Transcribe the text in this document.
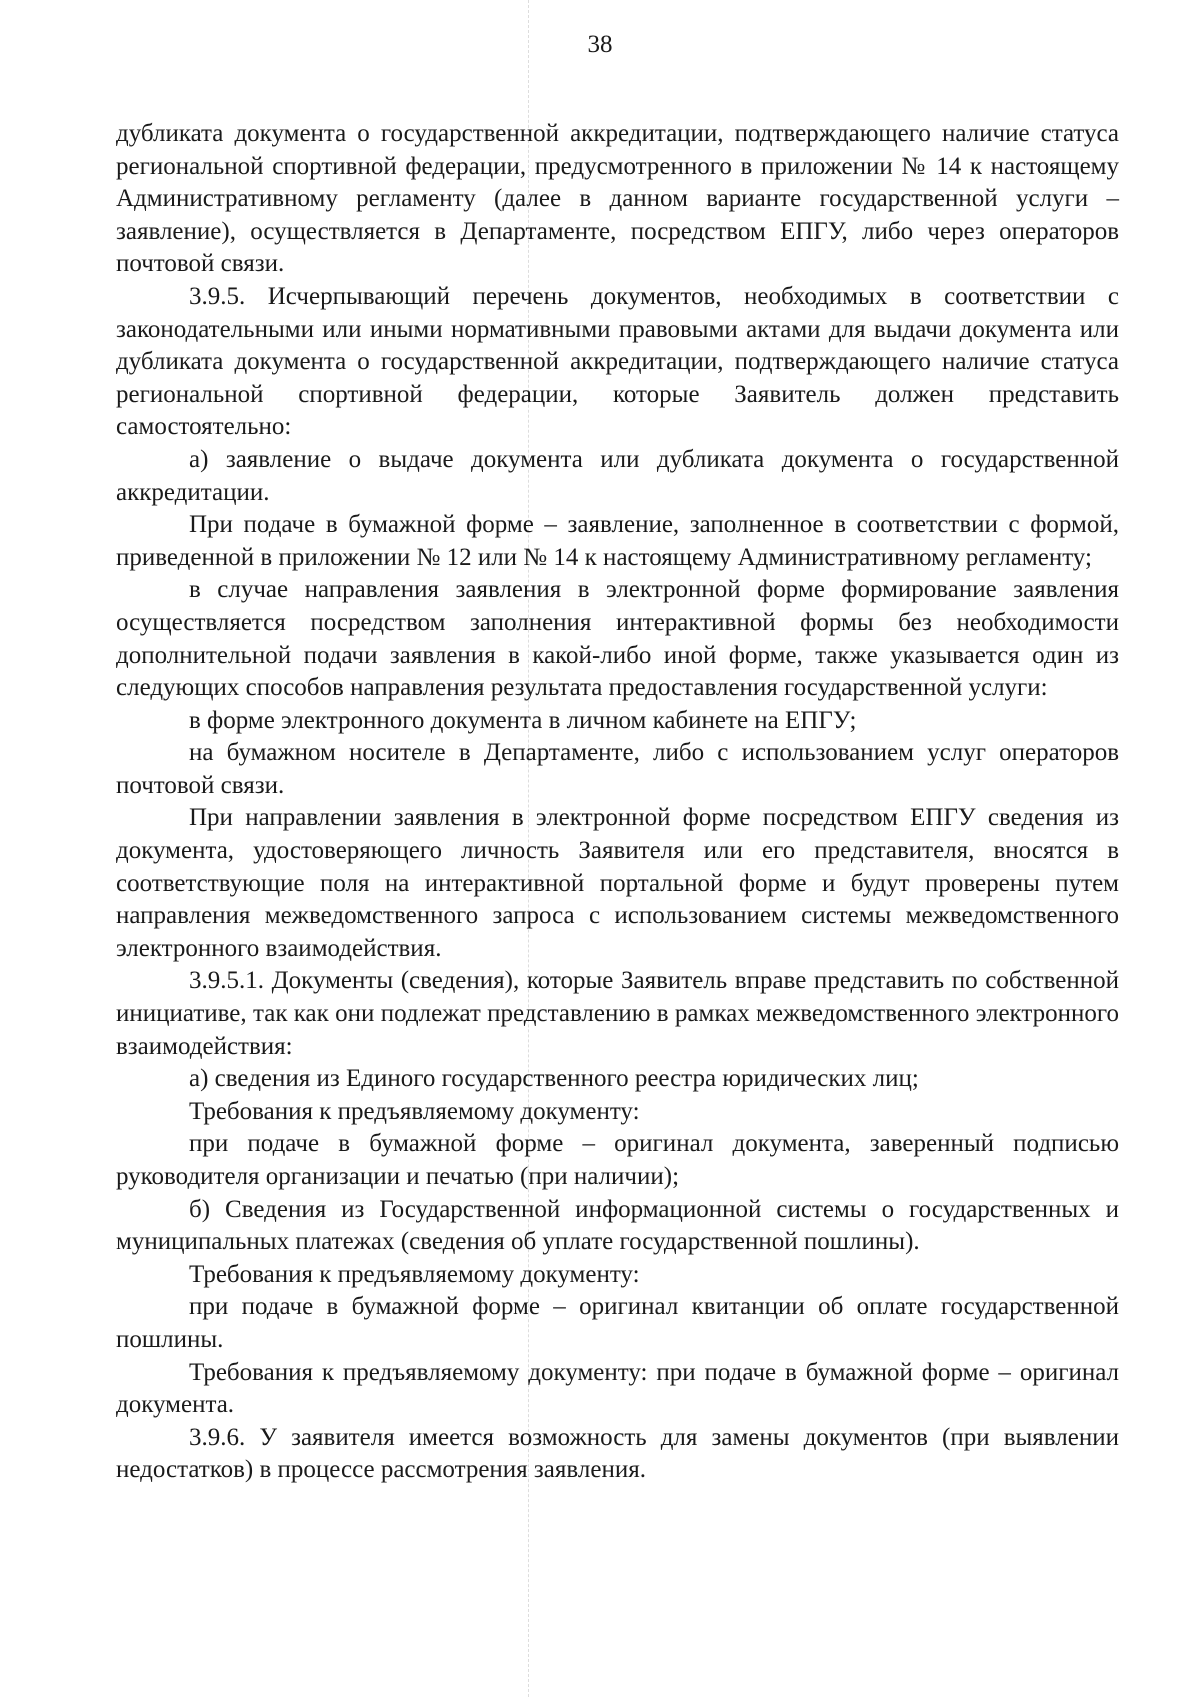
38

дубликата документа о государственной аккредитации, подтверждающего наличие статуса региональной спортивной федерации, предусмотренного в приложении № 14 к настоящему Административному регламенту (далее в данном варианте государственной услуги – заявление), осуществляется в Департаменте, посредством ЕПГУ, либо через операторов почтовой связи.

3.9.5. Исчерпывающий перечень документов, необходимых в соответствии с законодательными или иными нормативными правовыми актами для выдачи документа или дубликата документа о государственной аккредитации, подтверждающего наличие статуса региональной спортивной федерации, которые Заявитель должен представить самостоятельно:

а) заявление о выдаче документа или дубликата документа о государственной аккредитации.

При подаче в бумажной форме – заявление, заполненное в соответствии с формой, приведенной в приложении № 12 или № 14 к настоящему Административному регламенту;

в случае направления заявления в электронной форме формирование заявления осуществляется посредством заполнения интерактивной формы без необходимости дополнительной подачи заявления в какой-либо иной форме, также указывается один из следующих способов направления результата предоставления государственной услуги:

в форме электронного документа в личном кабинете на ЕПГУ;

на бумажном носителе в Департаменте, либо с использованием услуг операторов почтовой связи.

При направлении заявления в электронной форме посредством ЕПГУ сведения из документа, удостоверяющего личность Заявителя или его представителя, вносятся в соответствующие поля на интерактивной портальной форме и будут проверены путем направления межведомственного запроса с использованием системы межведомственного электронного взаимодействия.

3.9.5.1. Документы (сведения), которые Заявитель вправе представить по собственной инициативе, так как они подлежат представлению в рамках межведомственного электронного взаимодействия:

а) сведения из Единого государственного реестра юридических лиц;

Требования к предъявляемому документу:

при подаче в бумажной форме – оригинал документа, заверенный подписью руководителя организации и печатью (при наличии);

б) Сведения из Государственной информационной системы о государственных и муниципальных платежах (сведения об уплате государственной пошлины).

Требования к предъявляемому документу:

при подаче в бумажной форме – оригинал квитанции об оплате государственной пошлины.

Требования к предъявляемому документу: при подаче в бумажной форме – оригинал документа.

3.9.6. У заявителя имеется возможность для замены документов (при выявлении недостатков) в процессе рассмотрения заявления.
